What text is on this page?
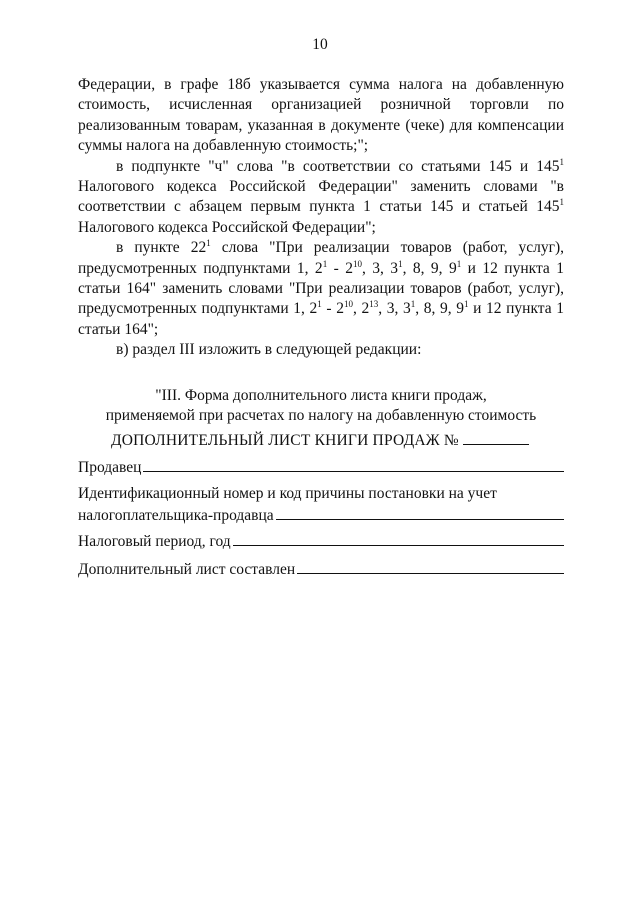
10

Федерации, в графе 18б указывается сумма налога на добавленную стоимость, исчисленная организацией розничной торговли по реализованным товарам, указанная в документе (чеке) для компенсации суммы налога на добавленную стоимость;";

в подпункте "ч" слова "в соответствии со статьями 145 и $145^1$ Налогового кодекса Российской Федерации" заменить словами "в соответствии с абзацем первым пункта 1 статьи 145 и статьей $145^1$ Налогового кодекса Российской Федерации";

в пункте $22^1$ слова "При реализации товаров (работ, услуг), предусмотренных подпунктами 1, $2^1 - 2^{10}$, 3, $3^1$, 8, 9, $9^1$ и 12 пункта 1 статьи 164" заменить словами "При реализации товаров (работ, услуг), предусмотренных подпунктами 1, $2^1 - 2^{10}$, $2^{13}$, 3, $3^1$, 8, 9, $9^1$ и 12 пункта 1 статьи 164";

в) раздел III изложить в следующей редакции:

"III. Форма дополнительного листа книги продаж,
применяемой при расчетах по налогу на добавленную стоимость
ДОПОЛНИТЕЛЬНЫЙ ЛИСТ КНИГИ ПРОДАЖ №
Продавец
Идентификационный номер и код причины постановки на учет
налогоплательщика-продавца
Налоговый период, год
Дополнительный лист составлен
